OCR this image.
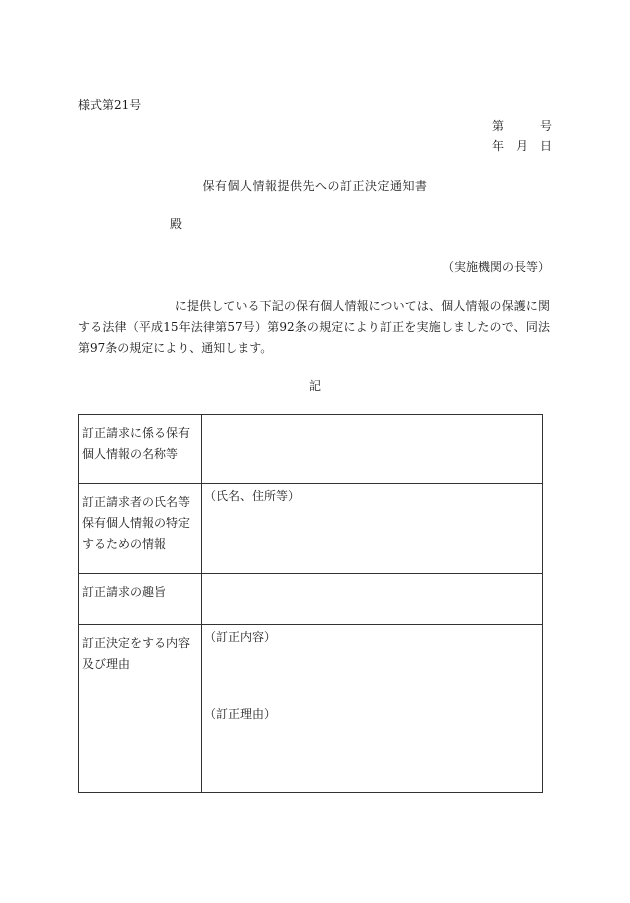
様式第21号
第　　　号
年　月　日
保有個人情報提供先への訂正決定通知書
殿
（実施機関の長等）
　　　　　　　　に提供している下記の保有個人情報については、個人情報の保護に関する法律（平成15年法律第57号）第92条の規定により訂正を実施しましたので、同法第97条の規定により、通知します。
記
訂正請求に係る保有個人情報の名称等	
訂正請求者の氏名等保有個人情報の特定するための情報	（氏名、住所等）
訂正請求の趣旨	
訂正決定をする内容及び理由	（訂正内容）
（訂正理由）
